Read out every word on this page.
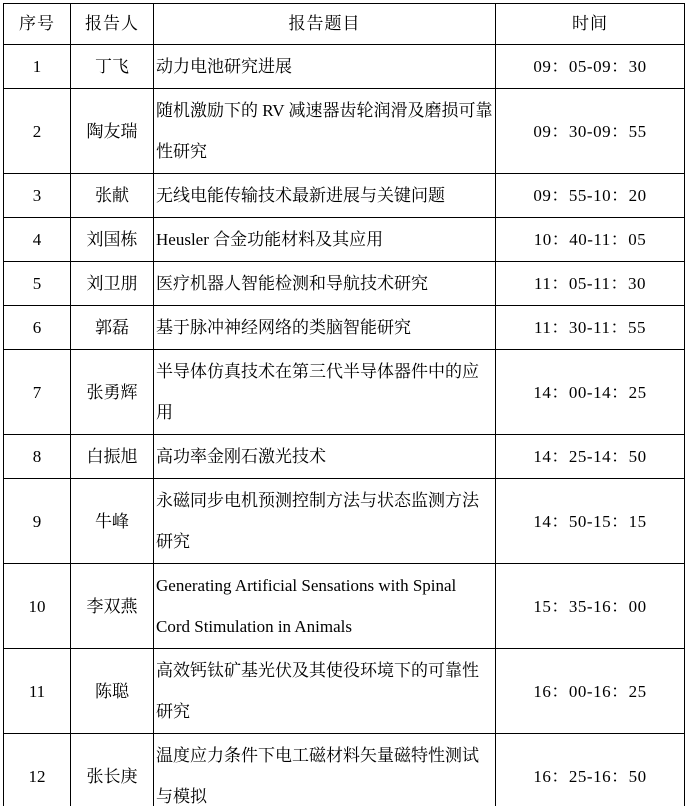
序号	报告人	报告题目	时间
1	丁飞	动力电池研究进展	09：05-09：30
2	陶友瑞	随机激励下的 RV 减速器齿轮润滑及磨损可靠性研究	09：30-09：55
3	张献	无线电能传输技术最新进展与关键问题	09：55-10：20
4	刘国栋	Heusler 合金功能材料及其应用	10：40-11：05
5	刘卫朋	医疗机器人智能检测和导航技术研究	11：05-11：30
6	郭磊	基于脉冲神经网络的类脑智能研究	11：30-11：55
7	张勇辉	半导体仿真技术在第三代半导体器件中的应用	14：00-14：25
8	白振旭	高功率金刚石激光技术	14：25-14：50
9	牛峰	永磁同步电机预测控制方法与状态监测方法研究	14：50-15：15
10	李双燕	Generating Artificial Sensations with Spinal Cord Stimulation in Animals	15：35-16：00
11	陈聪	高效钙钛矿基光伏及其使役环境下的可靠性研究	16：00-16：25
12	张长庚	温度应力条件下电工磁材料矢量磁特性测试与模拟	16：25-16：50
